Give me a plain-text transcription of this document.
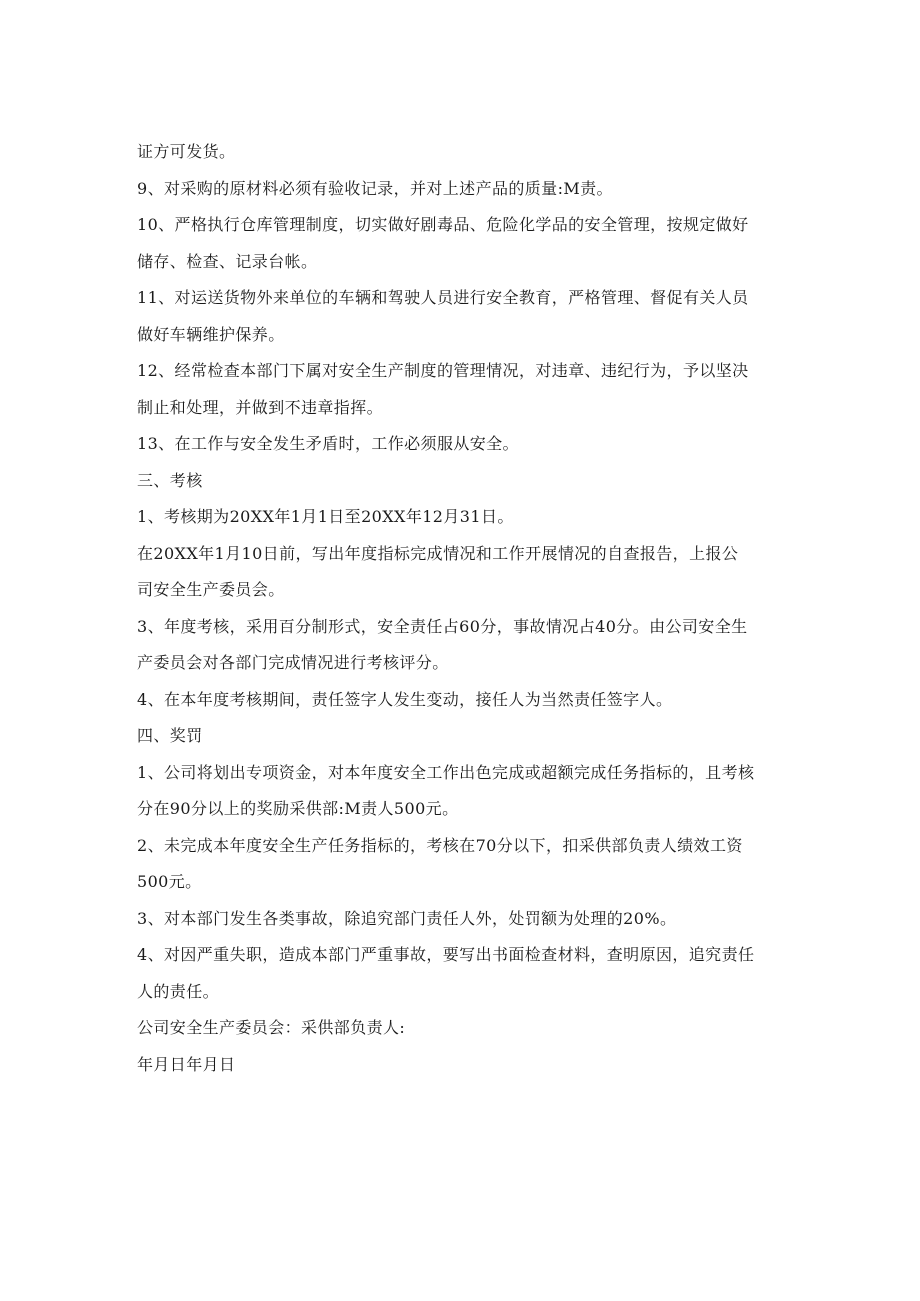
证方可发货。
9、对采购的原材料必须有验收记录，并对上述产品的质量:M责。
10、严格执行仓库管理制度，切实做好剧毒品、危险化学品的安全管理，按规定做好
储存、检查、记录台帐。
11、对运送货物外来单位的车辆和驾驶人员进行安全教育，严格管理、督促有关人员
做好车辆维护保养。
12、经常检查本部门下属对安全生产制度的管理情况，对违章、违纪行为，予以坚决
制止和处理，并做到不违章指挥。
13、在工作与安全发生矛盾时，工作必须服从安全。
三、考核
1、考核期为20XX年1月1日至20XX年12月31日。
在20XX年1月10日前，写出年度指标完成情况和工作开展情况的自查报告，上报公
司安全生产委员会。
3、年度考核，采用百分制形式，安全责任占60分，事故情况占40分。由公司安全生
产委员会对各部门完成情况进行考核评分。
4、在本年度考核期间，责任签字人发生变动，接任人为当然责任签字人。
四、奖罚
1、公司将划出专项资金，对本年度安全工作出色完成或超额完成任务指标的，且考核
分在90分以上的奖励采供部:M责人500元。
2、未完成本年度安全生产任务指标的，考核在70分以下，扣采供部负责人绩效工资
500元。
3、对本部门发生各类事故，除追究部门责任人外，处罚额为处理的20%。
4、对因严重失职，造成本部门严重事故，要写出书面检查材料，查明原因，追究责任
人的责任。
公司安全生产委员会：采供部负责人:
年月日年月日
